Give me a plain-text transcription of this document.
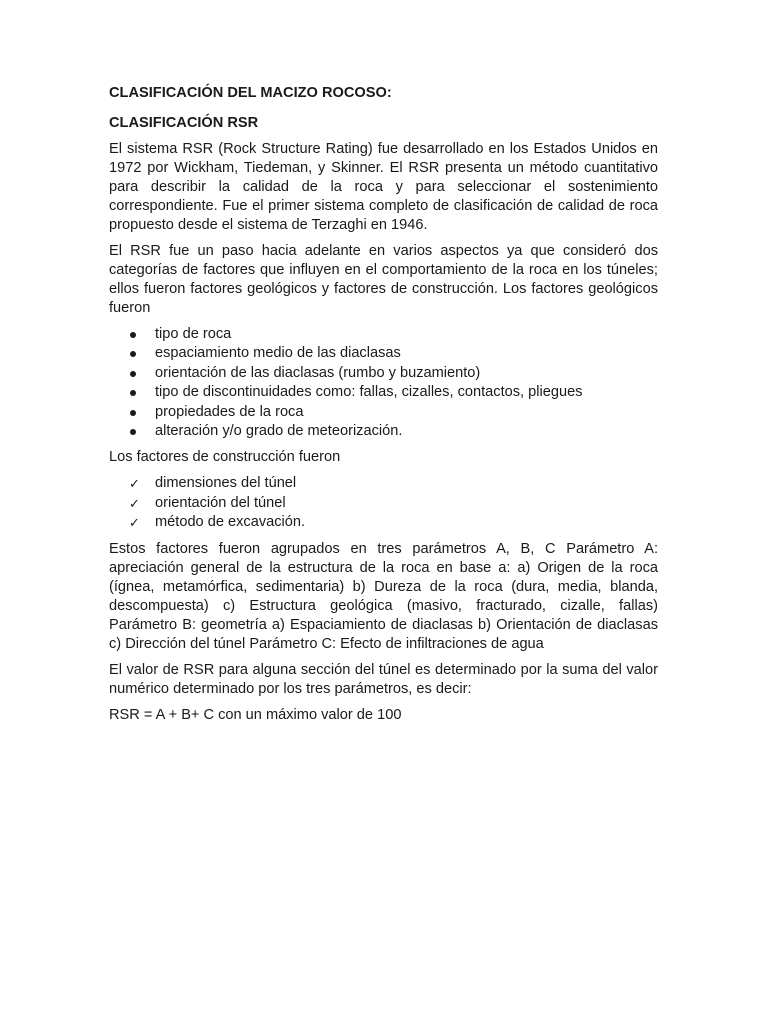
CLASIFICACIÓN DEL MACIZO ROCOSO:
CLASIFICACIÓN RSR

El sistema RSR (Rock Structure Rating) fue desarrollado en los Estados Unidos en 1972 por Wickham, Tiedeman, y Skinner. El RSR presenta un método cuantitativo para describir la calidad de la roca y para seleccionar el sostenimiento correspondiente. Fue el primer sistema completo de clasificación de calidad de roca propuesto desde el sistema de Terzaghi en 1946.

El RSR fue un paso hacia adelante en varios aspectos ya que consideró dos categorías de factores que influyen en el comportamiento de la roca en los túneles; ellos fueron factores geológicos y factores de construcción. Los factores geológicos fueron

tipo de roca
espaciamiento medio de las diaclasas
orientación de las diaclasas (rumbo y buzamiento)
tipo de discontinuidades como: fallas, cizalles, contactos, pliegues
propiedades de la roca
alteración y/o grado de meteorización.

Los factores de construcción fueron

✓ dimensiones del túnel
✓ orientación del túnel
✓ método de excavación.

Estos factores fueron agrupados en tres parámetros A, B, C Parámetro A: apreciación general de la estructura de la roca en base a: a) Origen de la roca (ígnea, metamórfica, sedimentaria) b) Dureza de la roca (dura, media, blanda, descompuesta) c) Estructura geológica (masivo, fracturado, cizalle, fallas) Parámetro B: geometría a) Espaciamiento de diaclasas b) Orientación de diaclasas c) Dirección del túnel Parámetro C: Efecto de infiltraciones de agua

El valor de RSR para alguna sección del túnel es determinado por la suma del valor numérico determinado por los tres parámetros, es decir:

RSR = A + B+ C con un máximo valor de 100
